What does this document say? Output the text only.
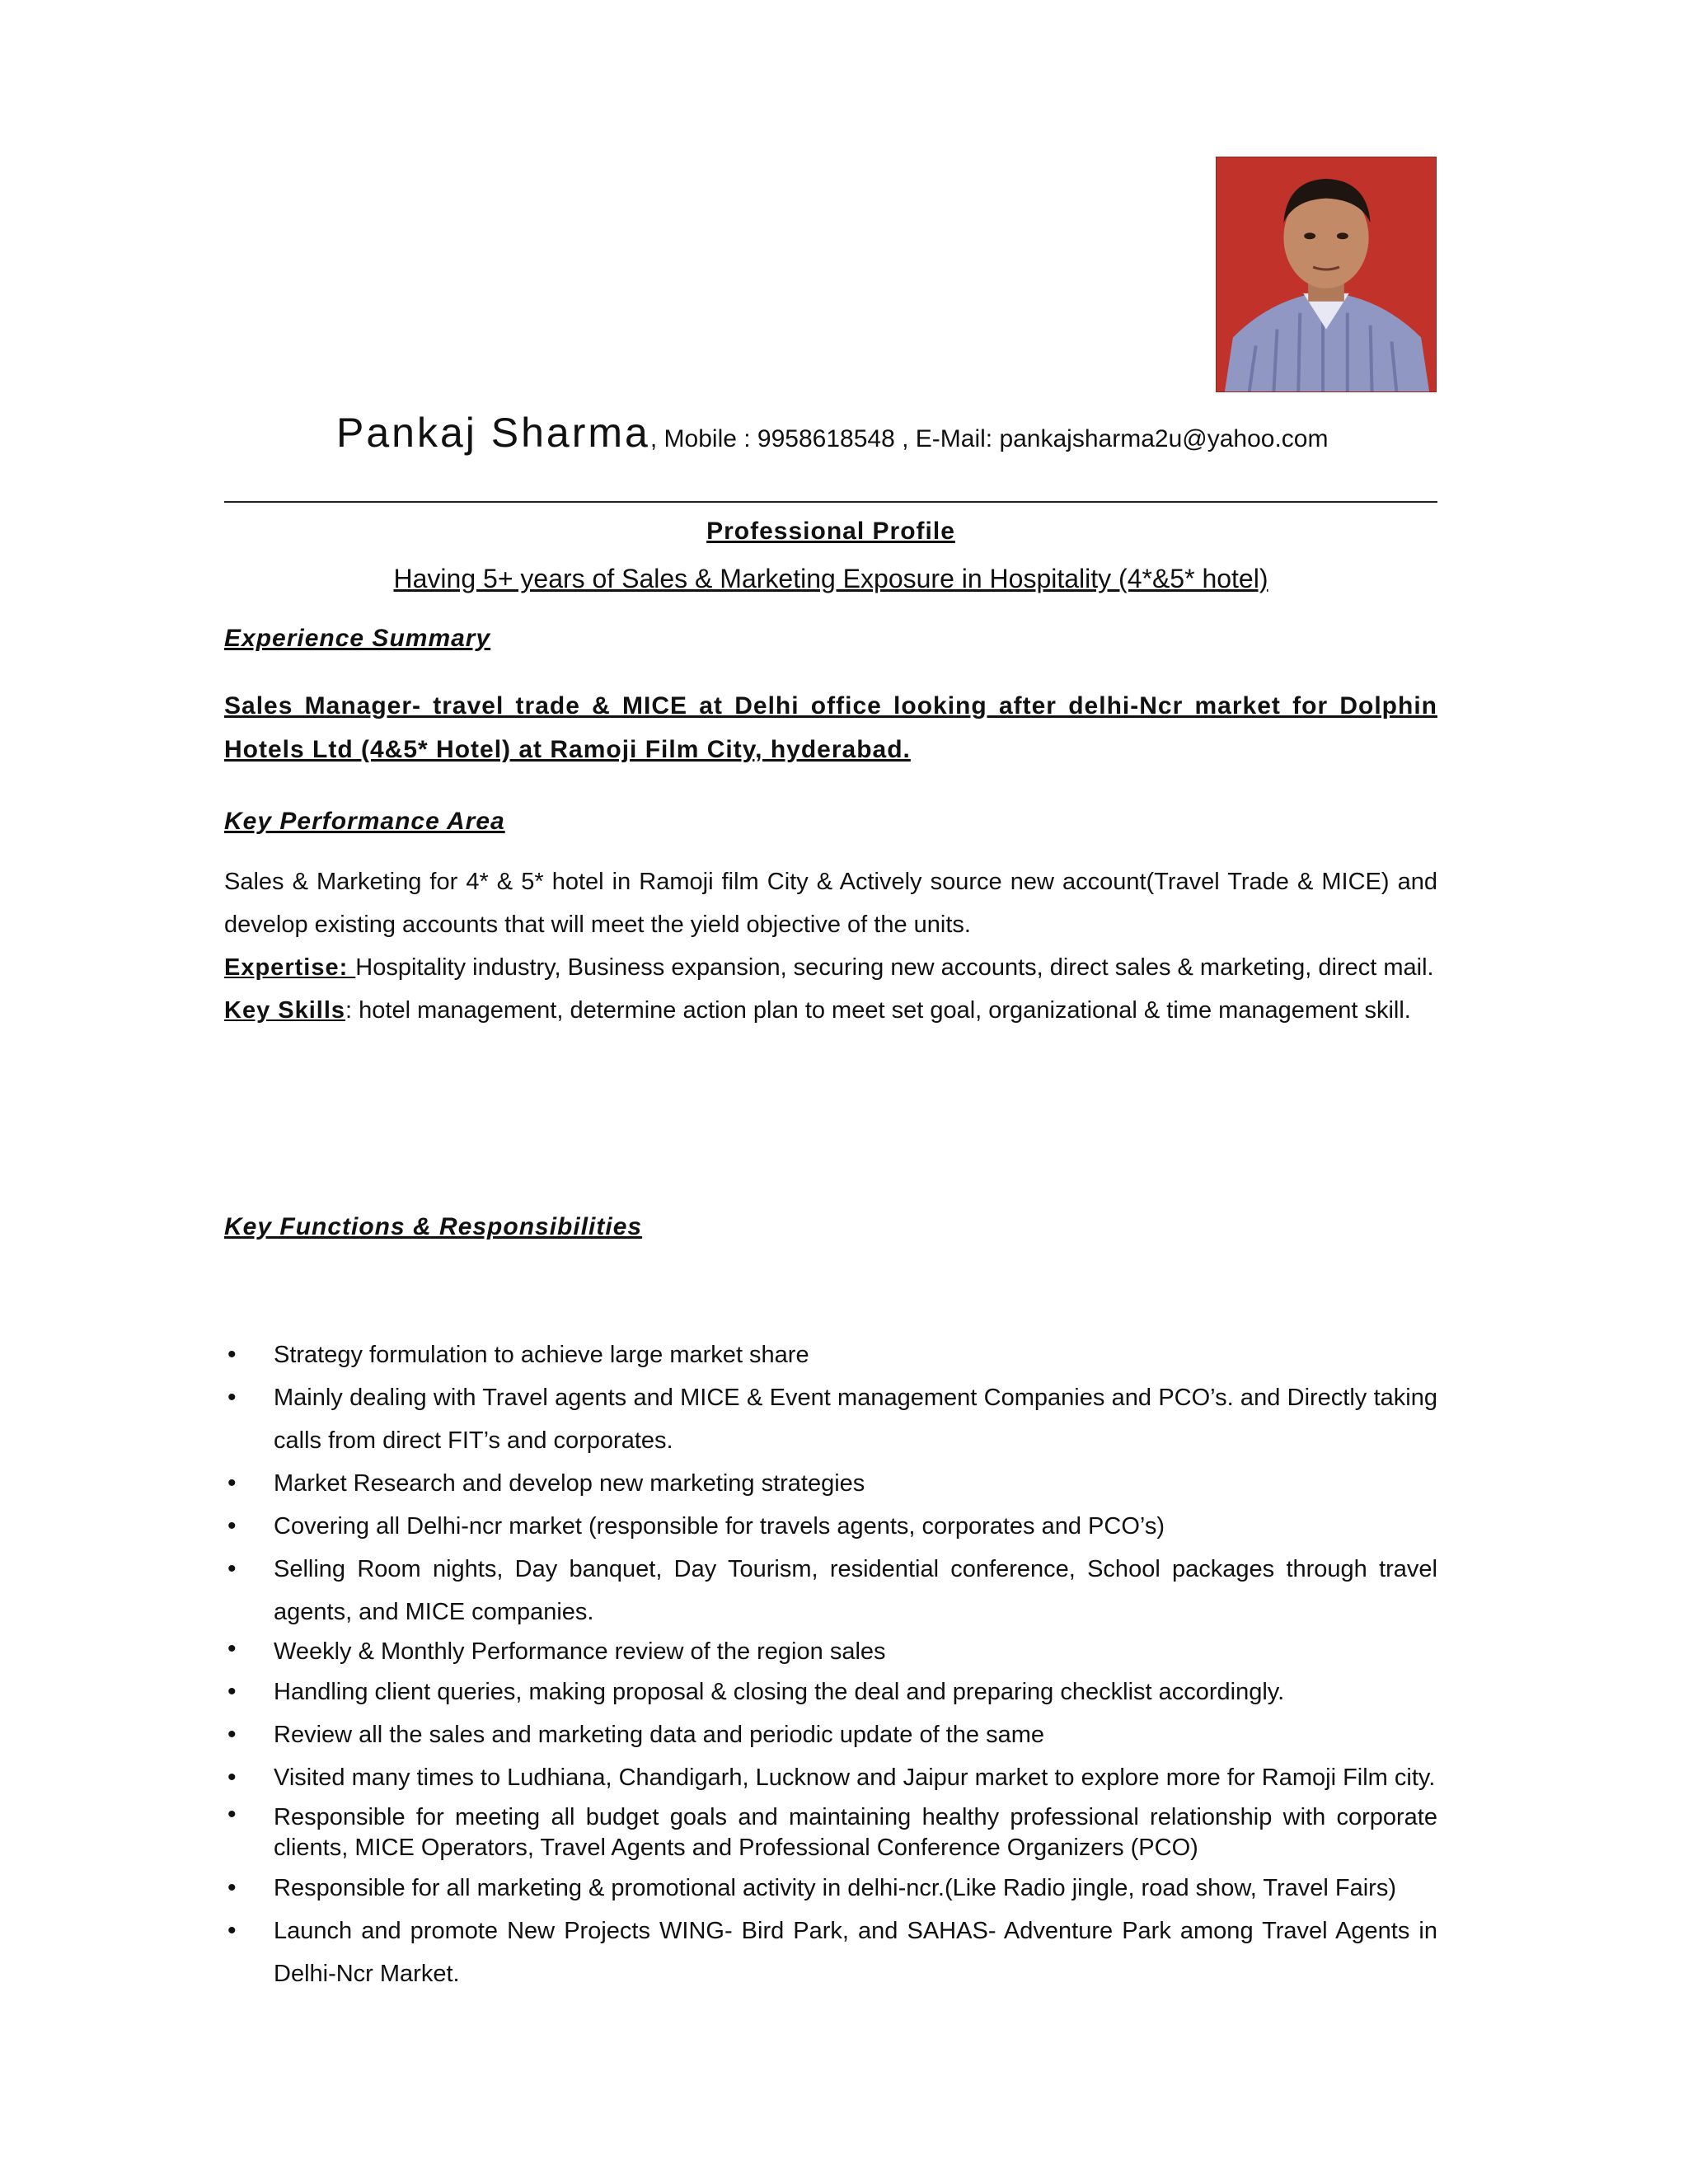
Pankaj Sharma, Mobile : 9958618548 , E-Mail: pankajsharma2u@yahoo.com
Professional Profile
Having 5+ years of Sales & Marketing Exposure in Hospitality (4*&5* hotel)
Experience Summary
Sales Manager- travel trade & MICE at Delhi office looking after delhi-Ncr market for Dolphin Hotels Ltd (4&5* Hotel) at Ramoji Film City, hyderabad.
Key Performance Area
Sales & Marketing for 4* & 5* hotel in Ramoji film City & Actively source new account(Travel Trade & MICE) and develop existing accounts that will meet the yield objective of the units.
Expertise: Hospitality industry, Business expansion, securing new accounts, direct sales & marketing, direct mail.
Key Skills: hotel management, determine action plan to meet set goal, organizational & time management skill.
Key Functions & Responsibilities
• Strategy formulation to achieve large market share
• Mainly dealing with Travel agents and MICE & Event management Companies and PCO’s. and Directly taking calls from direct FIT’s and corporates.
• Market Research and develop new marketing strategies
• Covering all Delhi-ncr market (responsible for travels agents, corporates and PCO’s)
• Selling Room nights, Day banquet, Day Tourism, residential conference, School packages through travel agents, and MICE companies.
• Weekly & Monthly Performance review of the region sales
• Handling client queries, making proposal & closing the deal and preparing checklist accordingly.
• Review all the sales and marketing data and periodic update of the same
• Visited many times to Ludhiana, Chandigarh, Lucknow and Jaipur market to explore more for Ramoji Film city.
• Responsible for meeting all budget goals and maintaining healthy professional relationship with corporate clients, MICE Operators, Travel Agents and Professional Conference Organizers (PCO)
• Responsible for all marketing & promotional activity in delhi-ncr.(Like Radio jingle, road show, Travel Fairs)
• Launch and promote New Projects WING- Bird Park, and SAHAS- Adventure Park among Travel Agents in Delhi-Ncr Market.
